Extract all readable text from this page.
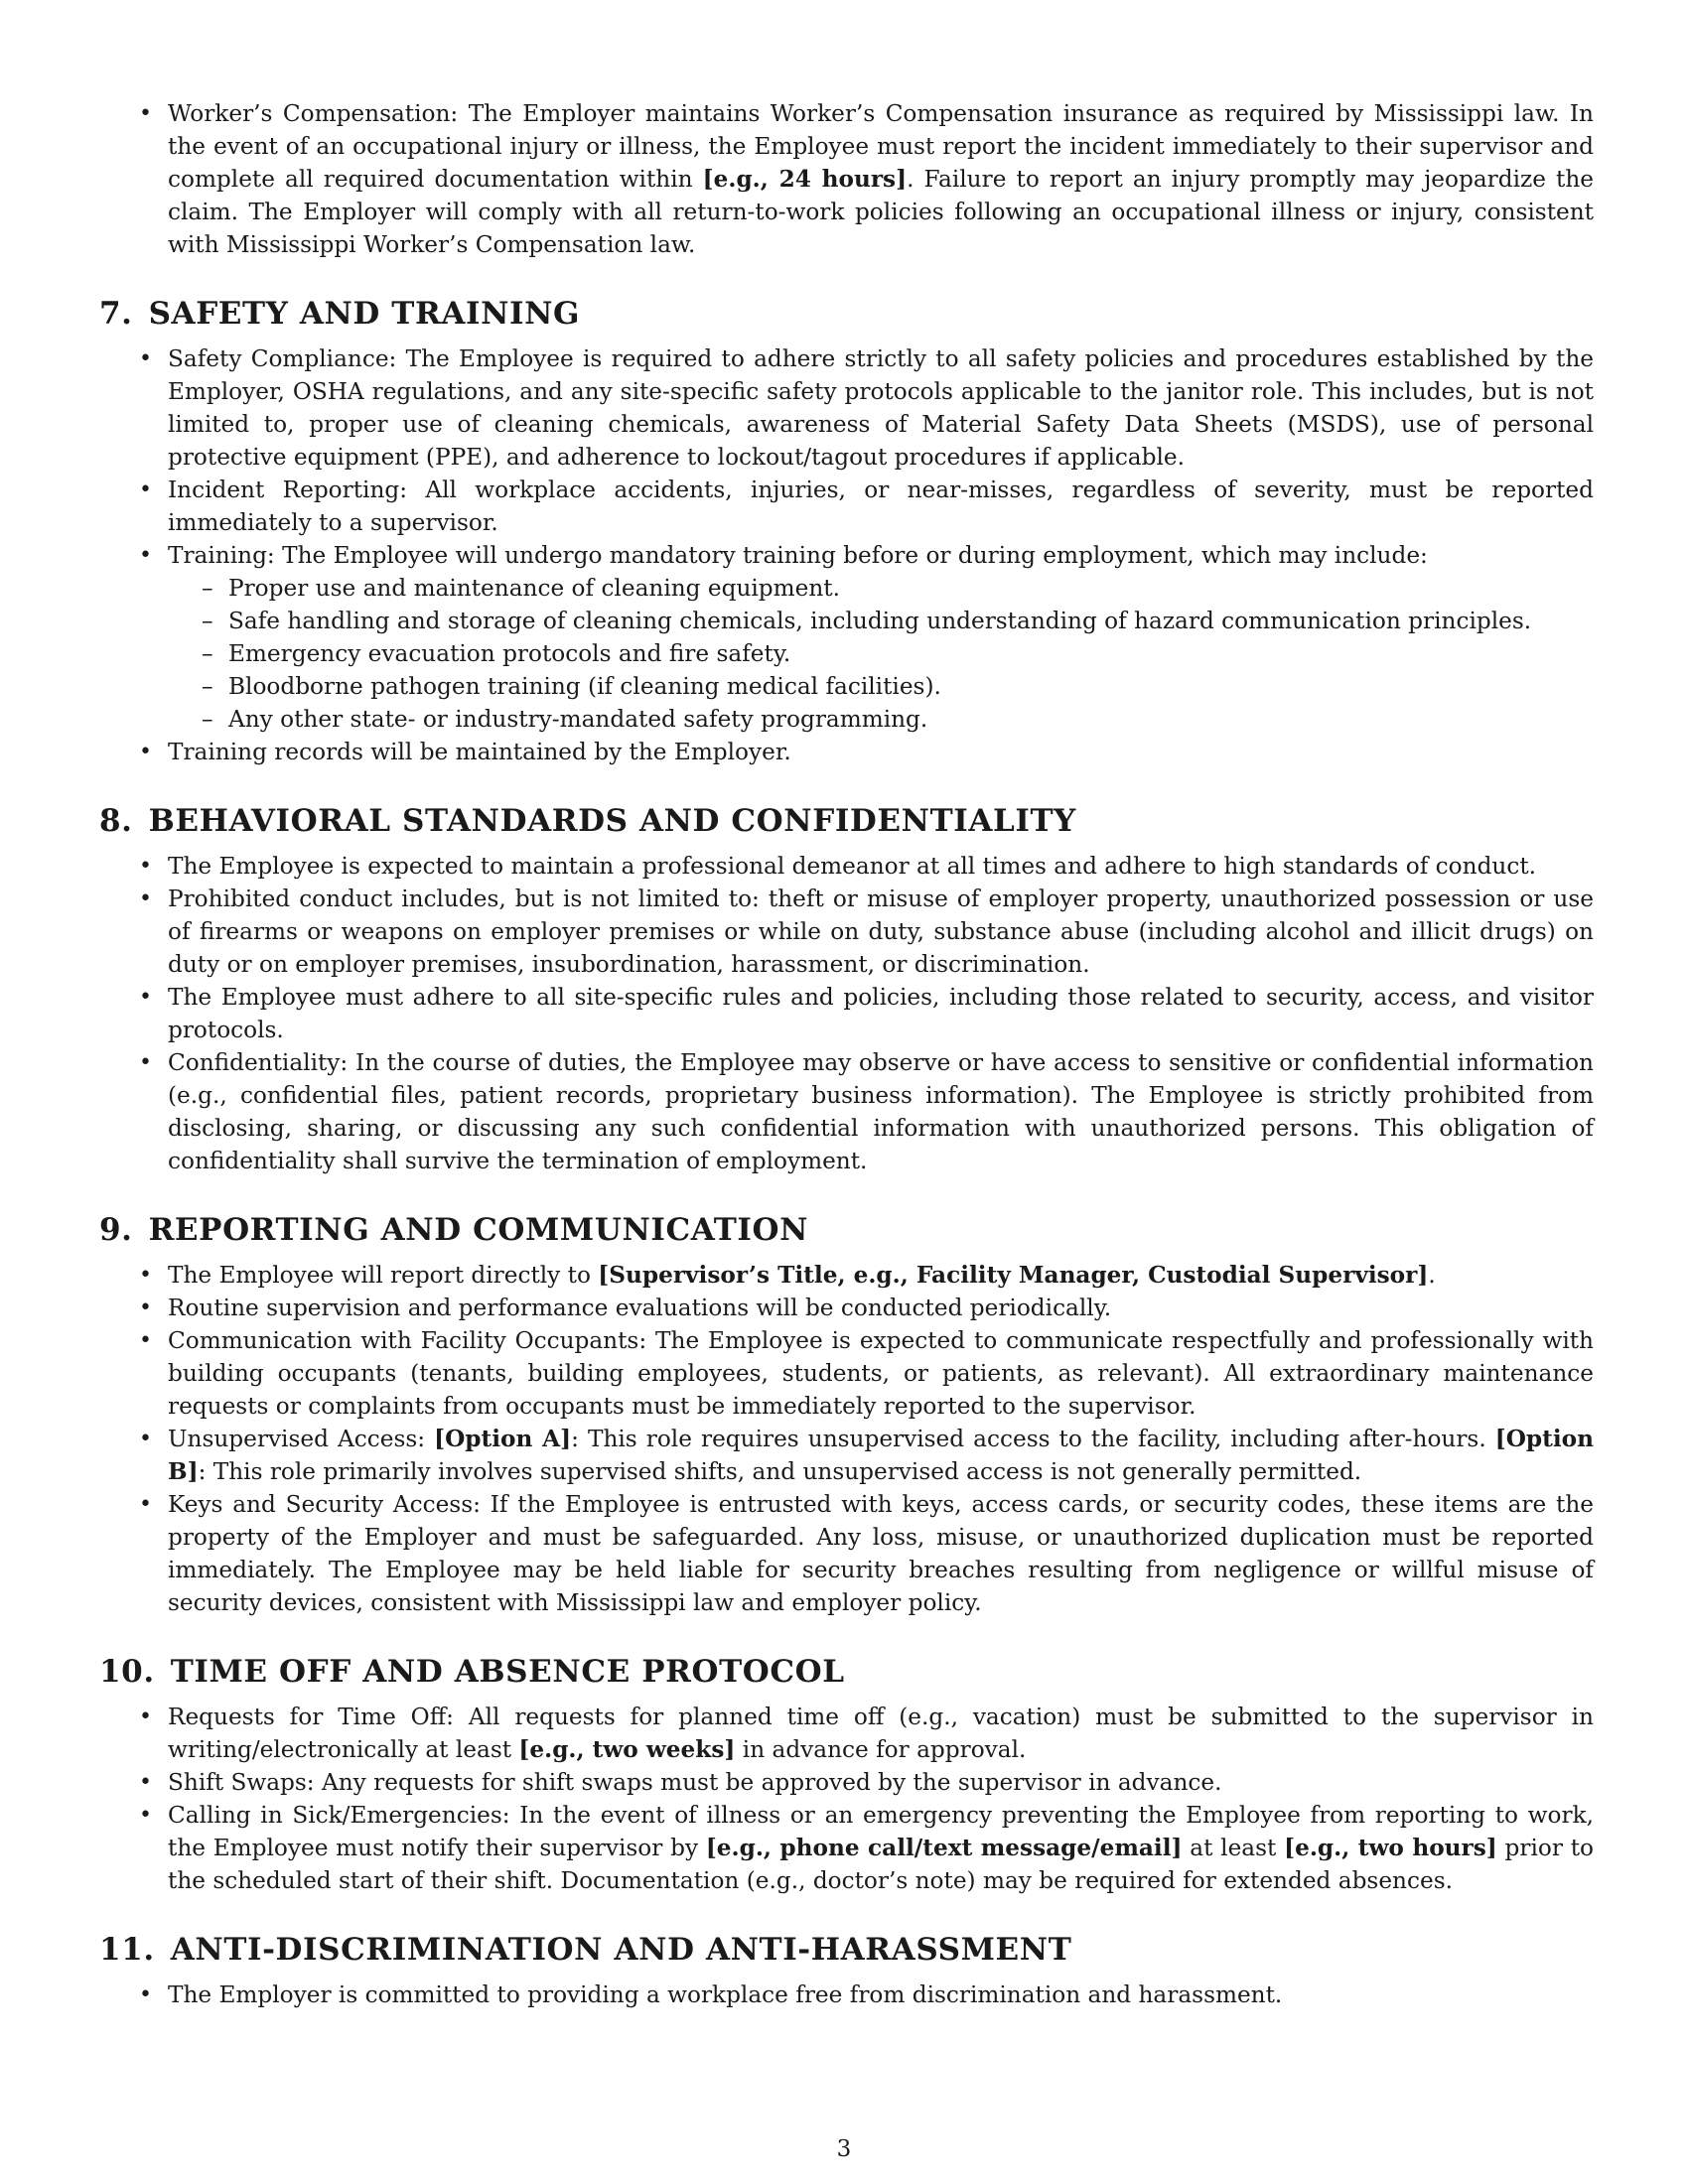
• Worker’s Compensation: The Employer maintains Worker’s Compensation insurance as required by Mississippi law. In the event of an occupational injury or illness, the Employee must report the incident immediately to their supervisor and complete all required documentation within [e.g., 24 hours]. Failure to report an injury promptly may jeopardize the claim. The Employer will comply with all return-to-work policies following an occupational illness or injury, consistent with Mississippi Worker’s Compensation law.
7. SAFETY AND TRAINING
• Safety Compliance: The Employee is required to adhere strictly to all safety policies and procedures established by the Employer, OSHA regulations, and any site-specific safety protocols applicable to the janitor role. This includes, but is not limited to, proper use of cleaning chemicals, awareness of Material Safety Data Sheets (MSDS), use of personal protective equipment (PPE), and adherence to lockout/tagout procedures if applicable.
• Incident Reporting: All workplace accidents, injuries, or near-misses, regardless of severity, must be reported immediately to a supervisor.
• Training: The Employee will undergo mandatory training before or during employment, which may include:
– Proper use and maintenance of cleaning equipment.
– Safe handling and storage of cleaning chemicals, including understanding of hazard communication principles.
– Emergency evacuation protocols and fire safety.
– Bloodborne pathogen training (if cleaning medical facilities).
– Any other state- or industry-mandated safety programming.
• Training records will be maintained by the Employer.
8. BEHAVIORAL STANDARDS AND CONFIDENTIALITY
• The Employee is expected to maintain a professional demeanor at all times and adhere to high standards of conduct.
• Prohibited conduct includes, but is not limited to: theft or misuse of employer property, unauthorized possession or use of firearms or weapons on employer premises or while on duty, substance abuse (including alcohol and illicit drugs) on duty or on employer premises, insubordination, harassment, or discrimination.
• The Employee must adhere to all site-specific rules and policies, including those related to security, access, and visitor protocols.
• Confidentiality: In the course of duties, the Employee may observe or have access to sensitive or confidential information (e.g., confidential files, patient records, proprietary business information). The Employee is strictly prohibited from disclosing, sharing, or discussing any such confidential information with unauthorized persons. This obligation of confidentiality shall survive the termination of employment.
9. REPORTING AND COMMUNICATION
• The Employee will report directly to [Supervisor’s Title, e.g., Facility Manager, Custodial Supervisor].
• Routine supervision and performance evaluations will be conducted periodically.
• Communication with Facility Occupants: The Employee is expected to communicate respectfully and professionally with building occupants (tenants, building employees, students, or patients, as relevant). All extraordinary maintenance requests or complaints from occupants must be immediately reported to the supervisor.
• Unsupervised Access: [Option A]: This role requires unsupervised access to the facility, including after-hours. [Option B]: This role primarily involves supervised shifts, and unsupervised access is not generally permitted.
• Keys and Security Access: If the Employee is entrusted with keys, access cards, or security codes, these items are the property of the Employer and must be safeguarded. Any loss, misuse, or unauthorized duplication must be reported immediately. The Employee may be held liable for security breaches resulting from negligence or willful misuse of security devices, consistent with Mississippi law and employer policy.
10. TIME OFF AND ABSENCE PROTOCOL
• Requests for Time Off: All requests for planned time off (e.g., vacation) must be submitted to the supervisor in writing/electronically at least [e.g., two weeks] in advance for approval.
• Shift Swaps: Any requests for shift swaps must be approved by the supervisor in advance.
• Calling in Sick/Emergencies: In the event of illness or an emergency preventing the Employee from reporting to work, the Employee must notify their supervisor by [e.g., phone call/text message/email] at least [e.g., two hours] prior to the scheduled start of their shift. Documentation (e.g., doctor’s note) may be required for extended absences.
11. ANTI-DISCRIMINATION AND ANTI-HARASSMENT
• The Employer is committed to providing a workplace free from discrimination and harassment.
3
